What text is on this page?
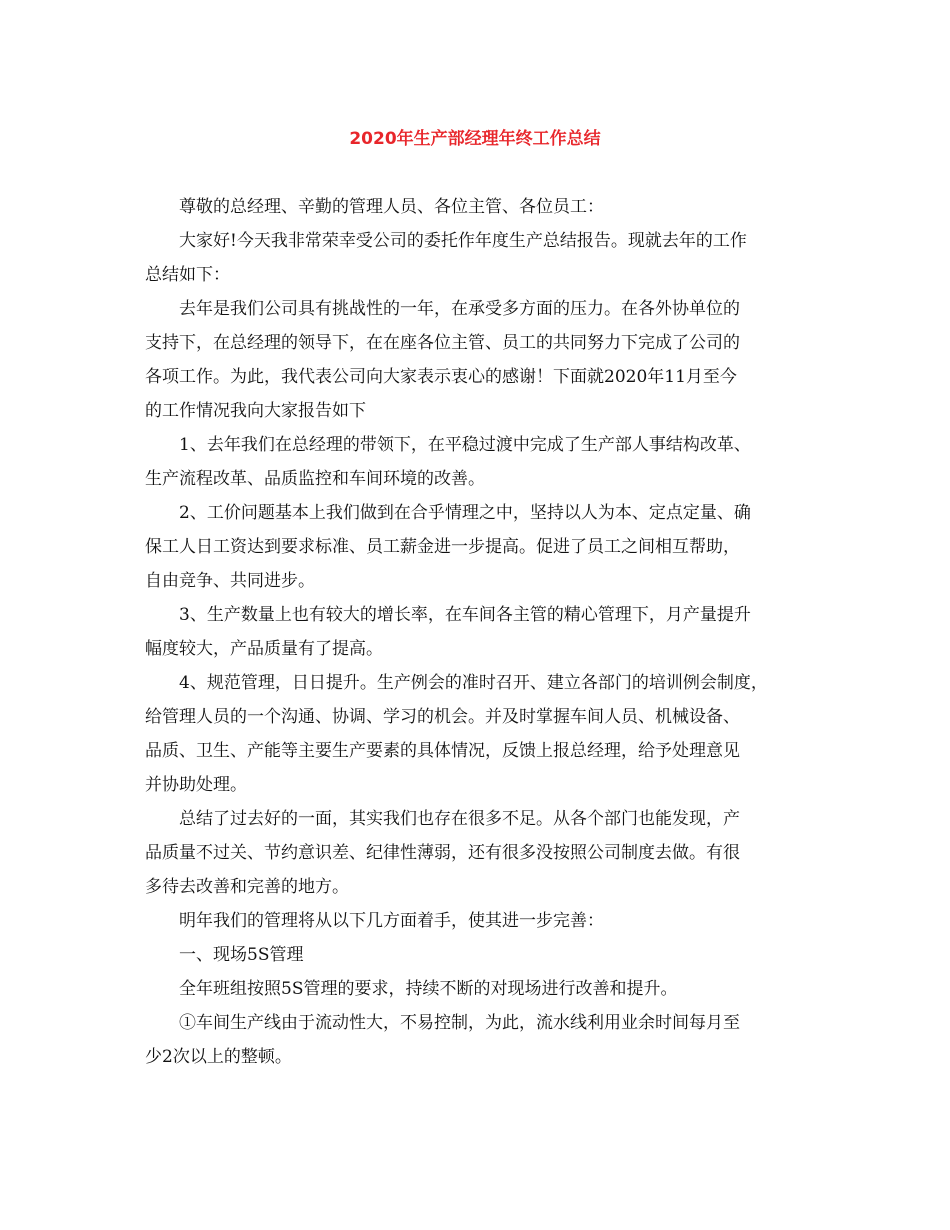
2020年生产部经理年终工作总结
尊敬的总经理、辛勤的管理人员、各位主管、各位员工：
大家好!今天我非常荣幸受公司的委托作年度生产总结报告。现就去年的工作
总结如下：
去年是我们公司具有挑战性的一年，在承受多方面的压力。在各外协单位的
支持下，在总经理的领导下，在在座各位主管、员工的共同努力下完成了公司的
各项工作。为此，我代表公司向大家表示衷心的感谢！下面就2020年11月至今
的工作情况我向大家报告如下
1、去年我们在总经理的带领下，在平稳过渡中完成了生产部人事结构改革、
生产流程改革、品质监控和车间环境的改善。
2、工价问题基本上我们做到在合乎情理之中，坚持以人为本、定点定量、确
保工人日工资达到要求标准、员工薪金进一步提高。促进了员工之间相互帮助，
自由竞争、共同进步。
3、生产数量上也有较大的增长率，在车间各主管的精心管理下，月产量提升
幅度较大，产品质量有了提高。
4、规范管理，日日提升。生产例会的准时召开、建立各部门的培训例会制度，
给管理人员的一个沟通、协调、学习的机会。并及时掌握车间人员、机械设备、
品质、卫生、产能等主要生产要素的具体情况，反馈上报总经理，给予处理意见
并协助处理。
总结了过去好的一面，其实我们也存在很多不足。从各个部门也能发现，产
品质量不过关、节约意识差、纪律性薄弱，还有很多没按照公司制度去做。有很
多待去改善和完善的地方。
明年我们的管理将从以下几方面着手，使其进一步完善：
一、现场5S管理
全年班组按照5S管理的要求，持续不断的对现场进行改善和提升。
①车间生产线由于流动性大，不易控制，为此，流水线利用业余时间每月至
少2次以上的整顿。
